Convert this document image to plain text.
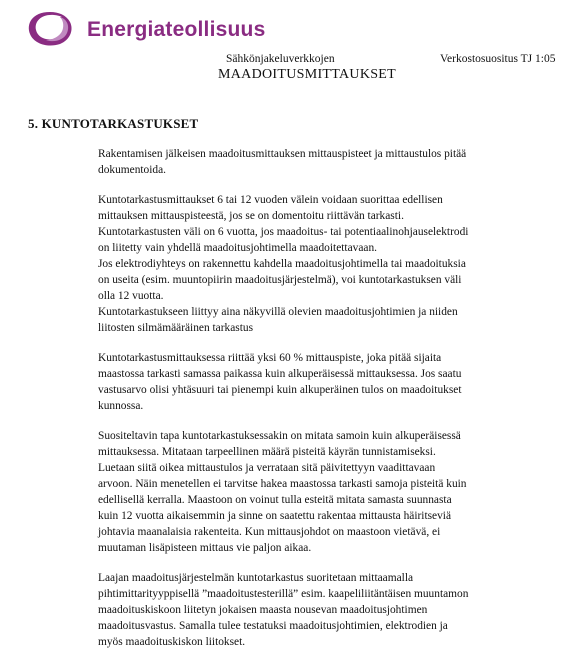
Energiateollisuus
Sähkönjakeluverkkojen	Verkostosuositus TJ 1:05
MAADOITUSMITTAUKSET
5. KUNTOTARKASTUKSET

Rakentamisen jälkeisen maadoitusmittauksen mittauspisteet ja mittaustulos pitää
dokumentoida.

Kuntotarkastusmittaukset 6 tai 12 vuoden välein voidaan suorittaa edellisen
mittauksen mittauspisteestä, jos se on domentoitu riittävän tarkasti.
Kuntotarkastusten väli on 6 vuotta, jos maadoitus- tai potentiaalinohjauselektrodi
on liitetty vain yhdellä maadoitusjohtimella maadoitettavaan.
Jos elektrodiyhteys on rakennettu kahdella maadoitusjohtimella tai maadoituksia
on useita (esim. muuntopiirin maadoitusjärjestelmä), voi kuntotarkastuksen väli
olla 12 vuotta.
Kuntotarkastukseen liittyy aina näkyvillä olevien maadoitusjohtimien ja niiden
liitosten silmämääräinen tarkastus

Kuntotarkastusmittauksessa riittää yksi 60 % mittauspiste, joka pitää sijaita
maastossa tarkasti samassa paikassa kuin alkuperäisessä mittauksessa. Jos saatu
vastusarvo olisi yhtäsuuri tai pienempi kuin alkuperäinen tulos on maadoitukset
kunnossa.

Suositeltavin tapa kuntotarkastuksessakin on mitata samoin kuin alkuperäisessä
mittauksessa. Mitataan tarpeellinen määrä pisteitä käyrän tunnistamiseksi.
Luetaan siitä oikea mittaustulos ja verrataan sitä päivitettyyn vaadittavaan
arvoon. Näin menetellen ei tarvitse hakea maastossa tarkasti samoja pisteitä kuin
edellisellä kerralla. Maastoon on voinut tulla esteitä mitata samasta suunnasta
kuin 12 vuotta aikaisemmin ja sinne on saatettu rakentaa mittausta häiritseviä
johtavia maanalaisia rakenteita. Kun mittausjohdot on maastoon vietävä, ei
muutaman lisäpisteen mittaus vie paljon aikaa.

Laajan maadoitusjärjestelmän kuntotarkastus suoritetaan mittaamalla
pihtimittarityyppisellä ”maadoitustesterillä” esim. kaapeliliitäntäisen muuntamon
maadoituskiskoon liitetyn jokaisen maasta nousevan maadoitusjohtimen
maadoitusvastus. Samalla tulee testatuksi maadoitusjohtimien, elektrodien ja
myös maadoituskiskon liitokset.
